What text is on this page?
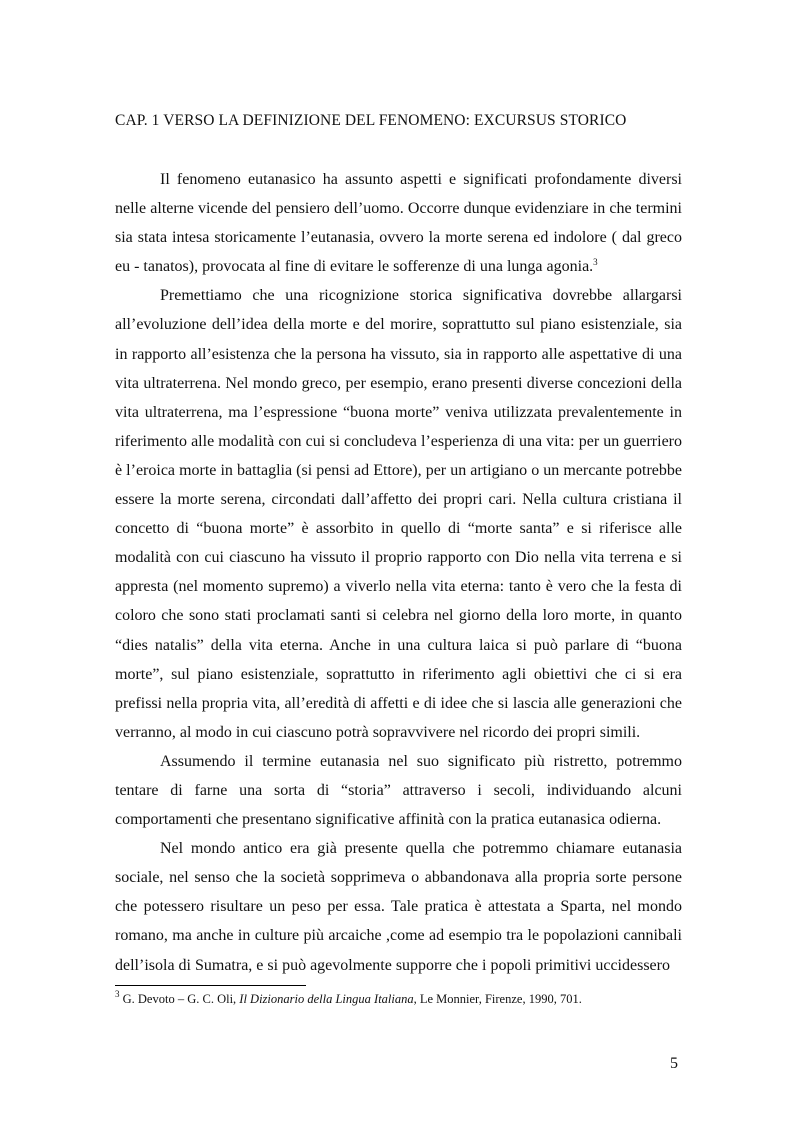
CAP. 1 VERSO LA DEFINIZIONE DEL FENOMENO: EXCURSUS STORICO

Il fenomeno eutanasico ha assunto aspetti e significati profondamente diversi nelle alterne vicende del pensiero dell’uomo. Occorre dunque evidenziare in che termini sia stata intesa storicamente l’eutanasia, ovvero la morte serena ed indolore ( dal greco eu - tanatos), provocata al fine di evitare le sofferenze di una lunga agonia.$^3$

Premettiamo che una ricognizione storica significativa dovrebbe allargarsi all’evoluzione dell’idea della morte e del morire, soprattutto sul piano esistenziale, sia in rapporto all’esistenza che la persona ha vissuto, sia in rapporto alle aspettative di una vita ultraterrena. Nel mondo greco, per esempio, erano presenti diverse concezioni della vita ultraterrena, ma l’espressione “buona morte” veniva utilizzata prevalentemente in riferimento alle modalità con cui si concludeva l’esperienza di una vita: per un guerriero è l’eroica morte in battaglia (si pensi ad Ettore), per un artigiano o un mercante potrebbe essere la morte serena, circondati dall’affetto dei propri cari. Nella cultura cristiana il concetto di “buona morte” è assorbito in quello di “morte santa” e si riferisce alle modalità con cui ciascuno ha vissuto il proprio rapporto con Dio nella vita terrena e si appresta (nel momento supremo) a viverlo nella vita eterna: tanto è vero che la festa di coloro che sono stati proclamati santi si celebra nel giorno della loro morte, in quanto “dies natalis” della vita eterna. Anche in una cultura laica si può parlare di “buona morte”, sul piano esistenziale, soprattutto in riferimento agli obiettivi che ci si era prefissi nella propria vita, all’eredità di affetti e di idee che si lascia alle generazioni che verranno, al modo in cui ciascuno potrà sopravvivere nel ricordo dei propri simili.

Assumendo il termine eutanasia nel suo significato più ristretto, potremmo tentare di farne una sorta di “storia” attraverso i secoli, individuando alcuni comportamenti che presentano significative affinità con la pratica eutanasica odierna.

Nel mondo antico era già presente quella che potremmo chiamare eutanasia sociale, nel senso che la società sopprimeva o abbandonava alla propria sorte persone che potessero risultare un peso per essa. Tale pratica è attestata a Sparta, nel mondo romano, ma anche in culture più arcaiche ,come ad esempio tra le popolazioni cannibali dell’isola di Sumatra, e si può agevolmente supporre che i popoli primitivi uccidessero

$^3$ G. Devoto – G. C. Oli, Il Dizionario della Lingua Italiana, Le Monnier, Firenze, 1990, 701.
5
